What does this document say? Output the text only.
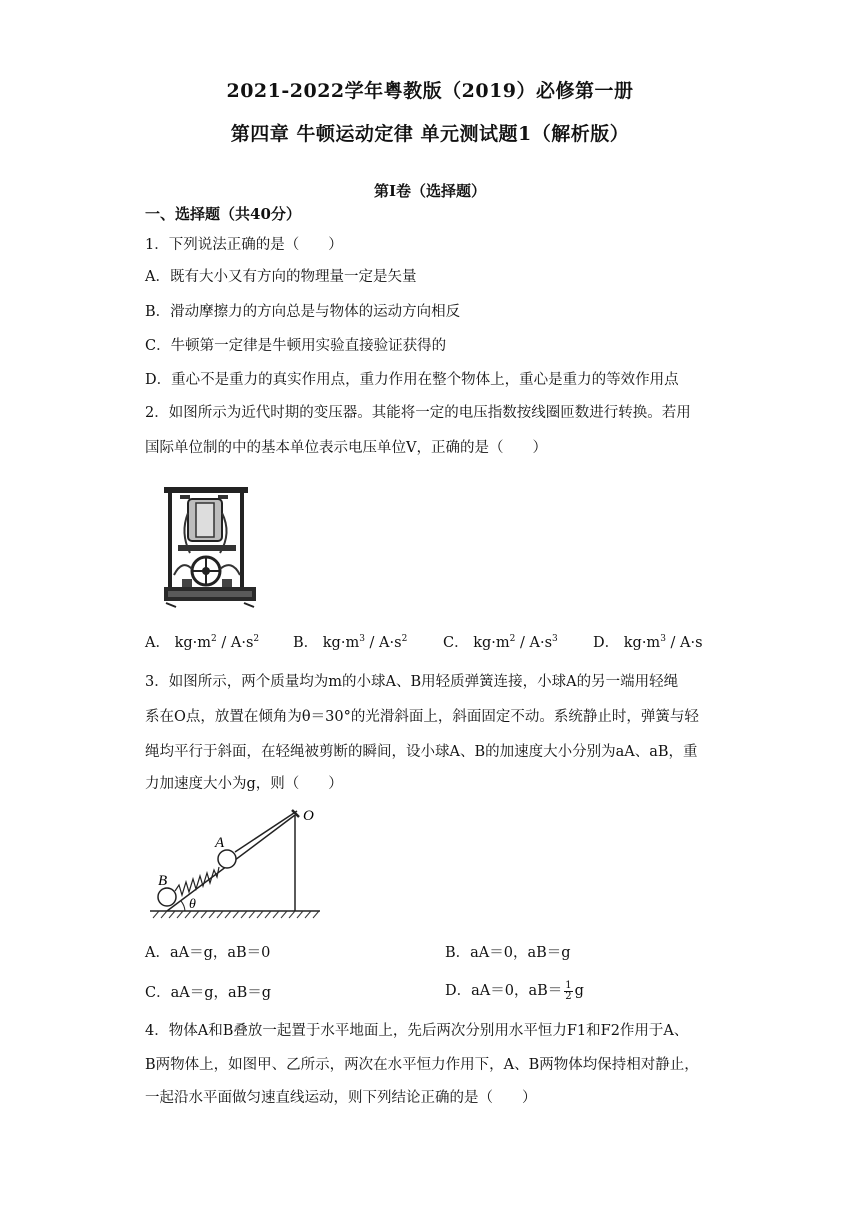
2021-2022学年粤教版（2019）必修第一册
第四章 牛顿运动定律 单元测试题1（解析版）
第Ⅰ卷（选择题）
一、选择题（共40分）
1．下列说法正确的是（　　）
A．既有大小又有方向的物理量一定是矢量
B．滑动摩擦力的方向总是与物体的运动方向相反
C．牛顿第一定律是牛顿用实验直接验证获得的
D．重心不是重力的真实作用点，重力作用在整个物体上，重心是重力的等效作用点
2．如图所示为近代时期的变压器。其能将一定的电压指数按线圈匝数进行转换。若用
国际单位制的中的基本单位表示电压单位V，正确的是（　　）
A． $kg\cdot m^2 / A\cdot s^2$ B． $kg\cdot m^3 / A\cdot s^2$ C． $kg\cdot m^2 / A\cdot s^3$ D． $kg\cdot m^3 / A\cdot s$
3．如图所示，两个质量均为m的小球A、B用轻质弹簧连接，小球A的另一端用轻绳
系在O点，放置在倾角为θ＝30°的光滑斜面上，斜面固定不动。系统静止时，弹簧与轻
绳均平行于斜面，在轻绳被剪断的瞬间，设小球A、B的加速度大小分别为aA、aB，重
力加速度大小为g，则（　　）
O
A
B
θ
A．aA＝g，aB＝0	B．aA＝0，aB＝g
C．aA＝g，aB＝g	D．aA＝0，$aB= \frac{1}{2}$ g
4．物体A和B叠放一起置于水平地面上，先后两次分别用水平恒力F1和F2作用于A、
B两物体上，如图甲、乙所示，两次在水平恒力作用下，A、B两物体均保持相对静止，
一起沿水平面做匀速直线运动，则下列结论正确的是（　　）
